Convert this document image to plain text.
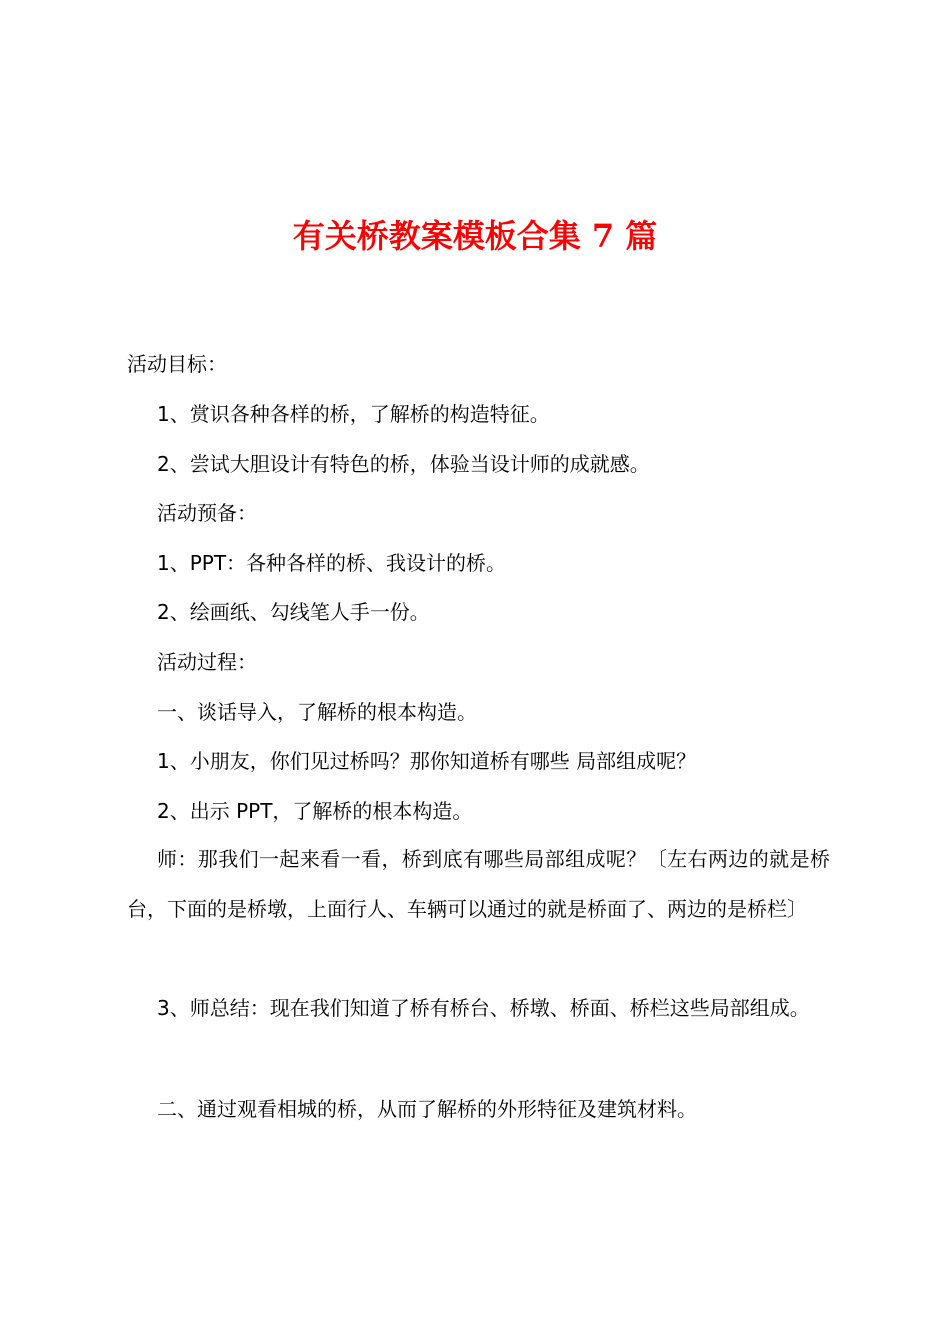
有关桥教案模板合集 7 篇

活动目标：

1、赏识各种各样的桥，了解桥的构造特征。

2、尝试大胆设计有特色的桥，体验当设计师的成就感。

活动预备：

1、PPT：各种各样的桥、我设计的桥。

2、绘画纸、勾线笔人手一份。

活动过程：

一、谈话导入，了解桥的根本构造。

1、小朋友，你们见过桥吗？那你知道桥有哪些 局部组成呢？

2、出示 PPT，了解桥的根本构造。

师：那我们一起来看一看，桥到底有哪些局部组成呢？〔左右两边的就是桥台，下面的是桥墩，上面行人、车辆可以通过的就是桥面了、两边的是桥栏〕

3、师总结：现在我们知道了桥有桥台、桥墩、桥面、桥栏这些局部组成。

二、通过观看相城的桥，从而了解桥的外形特征及建筑材料。
